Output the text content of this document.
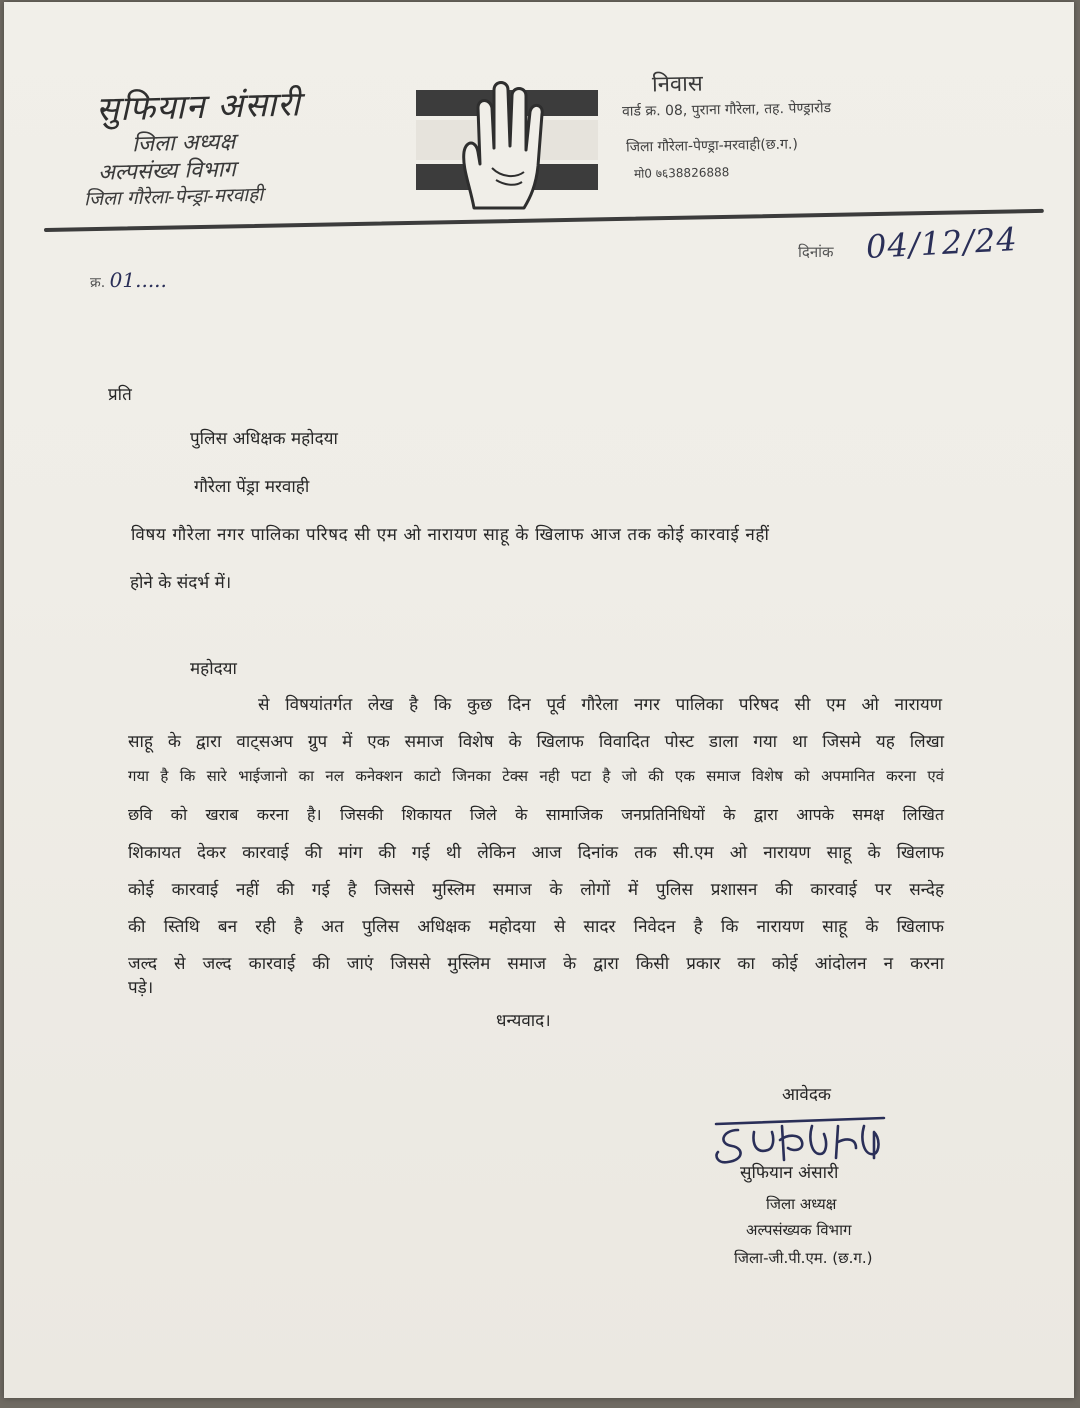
सुफियान अंसारी
जिला अध्यक्ष
अल्पसंख्य विभाग
जिला गौरेला-पेन्ड्रा-मरवाही
निवास
वार्ड क्र. 08, पुराना गौरेला, तह. पेण्ड्रारोड
जिला गौरेला-पेण्ड्रा-मरवाही(छ.ग.)
मो0 ७६38826888
दिनांक 04/12/24
क्र. 01.....
प्रति
पुलिस अधिक्षक महोदया
गौरेला पेंड्रा मरवाही
विषय गौरेला नगर पालिका परिषद सी एम ओ नारायण साहू के खिलाफ आज तक कोई कारवाई नहीं
होने के संदर्भ में।
महोदया
से विषयांतर्गत लेख है कि कुछ दिन पूर्व गौरेला नगर पालिका परिषद सी एम ओ नारायण
साहू के द्वारा वाट्सअप ग्रुप में एक समाज विशेष के खिलाफ विवादित पोस्ट डाला गया था जिसमे यह लिखा
गया है कि सारे भाईजानो का नल कनेक्शन काटो जिनका टेक्स नही पटा है जो की एक समाज विशेष को अपमानित करना एवं
छवि को खराब करना है। जिसकी शिकायत जिले के सामाजिक जनप्रतिनिधियों के द्वारा आपके समक्ष लिखित
शिकायत देकर कारवाई की मांग की गई थी लेकिन आज दिनांक तक सी.एम ओ नारायण साहू के खिलाफ
कोई कारवाई नहीं की गई है जिससे मुस्लिम समाज के लोगों में पुलिस प्रशासन की कारवाई पर सन्देह
की स्तिथि बन रही है अत पुलिस अधिक्षक महोदया से सादर निवेदन है कि नारायण साहू के खिलाफ
जल्द से जल्द कारवाई की जाएं जिससे मुस्लिम समाज के द्वारा किसी प्रकार का कोई आंदोलन न करना
पड़े।
धन्यवाद।
आवेदक
सुफियान अंसारी
जिला अध्यक्ष
अल्पसंख्यक विभाग
जिला-जी.पी.एम. (छ.ग.)
